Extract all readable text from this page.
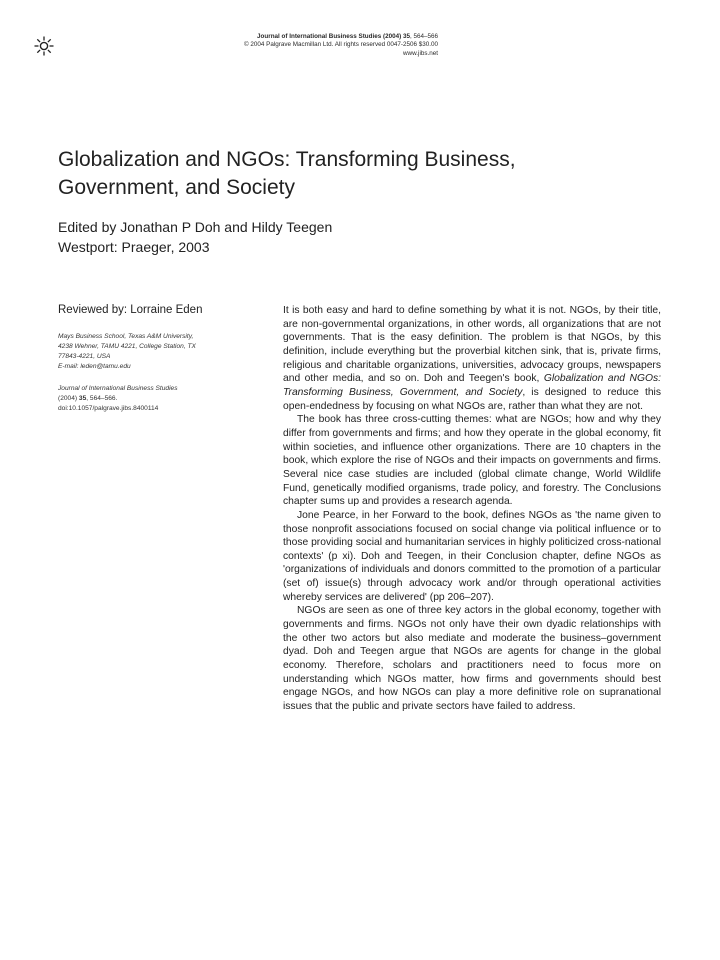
Journal of International Business Studies (2004) 35, 564–566
© 2004 Palgrave Macmillan Ltd. All rights reserved 0047-2506 $30.00
www.jibs.net
Globalization and NGOs: Transforming Business,
Government, and Society
Edited by Jonathan P Doh and Hildy Teegen
Westport: Praeger, 2003
Reviewed by: Lorraine Eden
Mays Business School, Texas A&M University,
4238 Wehner, TAMU 4221, College Station, TX
77843-4221, USA
E-mail: leden@tamu.edu
Journal of International Business Studies
(2004) 35, 564–566.
doi:10.1057/palgrave.jibs.8400114

It is both easy and hard to define something by what it is not. NGOs, by their title, are non-governmental organizations, in other words, all organizations that are not governments. That is the easy definition. The problem is that NGOs, by this definition, include everything but the proverbial kitchen sink, that is, private firms, religious and charitable organizations, universities, advocacy groups, newspapers and other media, and so on. Doh and Teegen's book, Globalization and NGOs: Transforming Business, Government, and Society, is designed to reduce this open-endedness by focusing on what NGOs are, rather than what they are not.

The book has three cross-cutting themes: what are NGOs; how and why they differ from governments and firms; and how they operate in the global economy, fit within societies, and influence other organizations. There are 10 chapters in the book, which explore the rise of NGOs and their impacts on governments and firms. Several nice case studies are included (global climate change, World Wildlife Fund, genetically modified organisms, trade policy, and forestry. The Conclusions chapter sums up and provides a research agenda.

Jone Pearce, in her Forward to the book, defines NGOs as 'the name given to those nonprofit associations focused on social change via political influence or to those providing social and humanitarian services in highly politicized cross-national contexts' (p xi). Doh and Teegen, in their Conclusion chapter, define NGOs as 'organizations of individuals and donors committed to the promotion of a particular (set of) issue(s) through advocacy work and/or through operational activities whereby services are delivered' (pp 206–207).

NGOs are seen as one of three key actors in the global economy, together with governments and firms. NGOs not only have their own dyadic relationships with the other two actors but also mediate and moderate the business–government dyad. Doh and Teegen argue that NGOs are agents for change in the global economy. Therefore, scholars and practitioners need to focus more on understanding which NGOs matter, how firms and governments should best engage NGOs, and how NGOs can play a more definitive role on supranational issues that the public and private sectors have failed to address.
